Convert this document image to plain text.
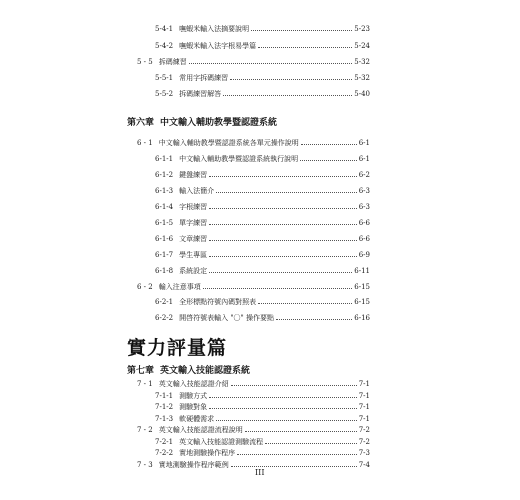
5-4-1 嘸蝦米輸入法摘要說明	5-23
5-4-2 嘸蝦米輸入法字根易學篇	5-24
5 - 5 拆碼練習	5-32
5-5-1 常用字拆碼練習	5-32
5-5-2 拆碼練習解答	5-40
第六章 中文輸入輔助教學暨認證系統
6 - 1 中文輸入輔助教學暨認證系統各單元操作說明	6-1
6-1-1 中文輸入輔助教學暨認證系統執行說明	6-1
6-1-2 鍵盤練習	6-2
6-1-3 輸入法簡介	6-3
6-1-4 字根練習	6-3
6-1-5 單字練習	6-6
6-1-6 文章練習	6-6
6-1-7 學生專區	6-9
6-1-8 系統設定	6-11
6 - 2 輸入注意事項	6-15
6-2-1 全形標點符號內碼對照表	6-15
6-2-2 開啓符號表輸入 "〇" 操作要點	6-16
實力評量篇
第七章 英文輸入技能認證系統
III
7 - 1 英文輸入技能認證介紹	7-1
7-1-1 測驗方式	7-1
7-1-2 測驗對象	7-1
7-1-3 軟硬體需求	7-1
7 - 2 英文輸入技能認證流程說明	7-2
7-2-1 英文輸入技能認證測驗流程	7-2
7-2-2 實地測驗操作程序	7-3
7 - 3 實地測驗操作程序範例	7-4
